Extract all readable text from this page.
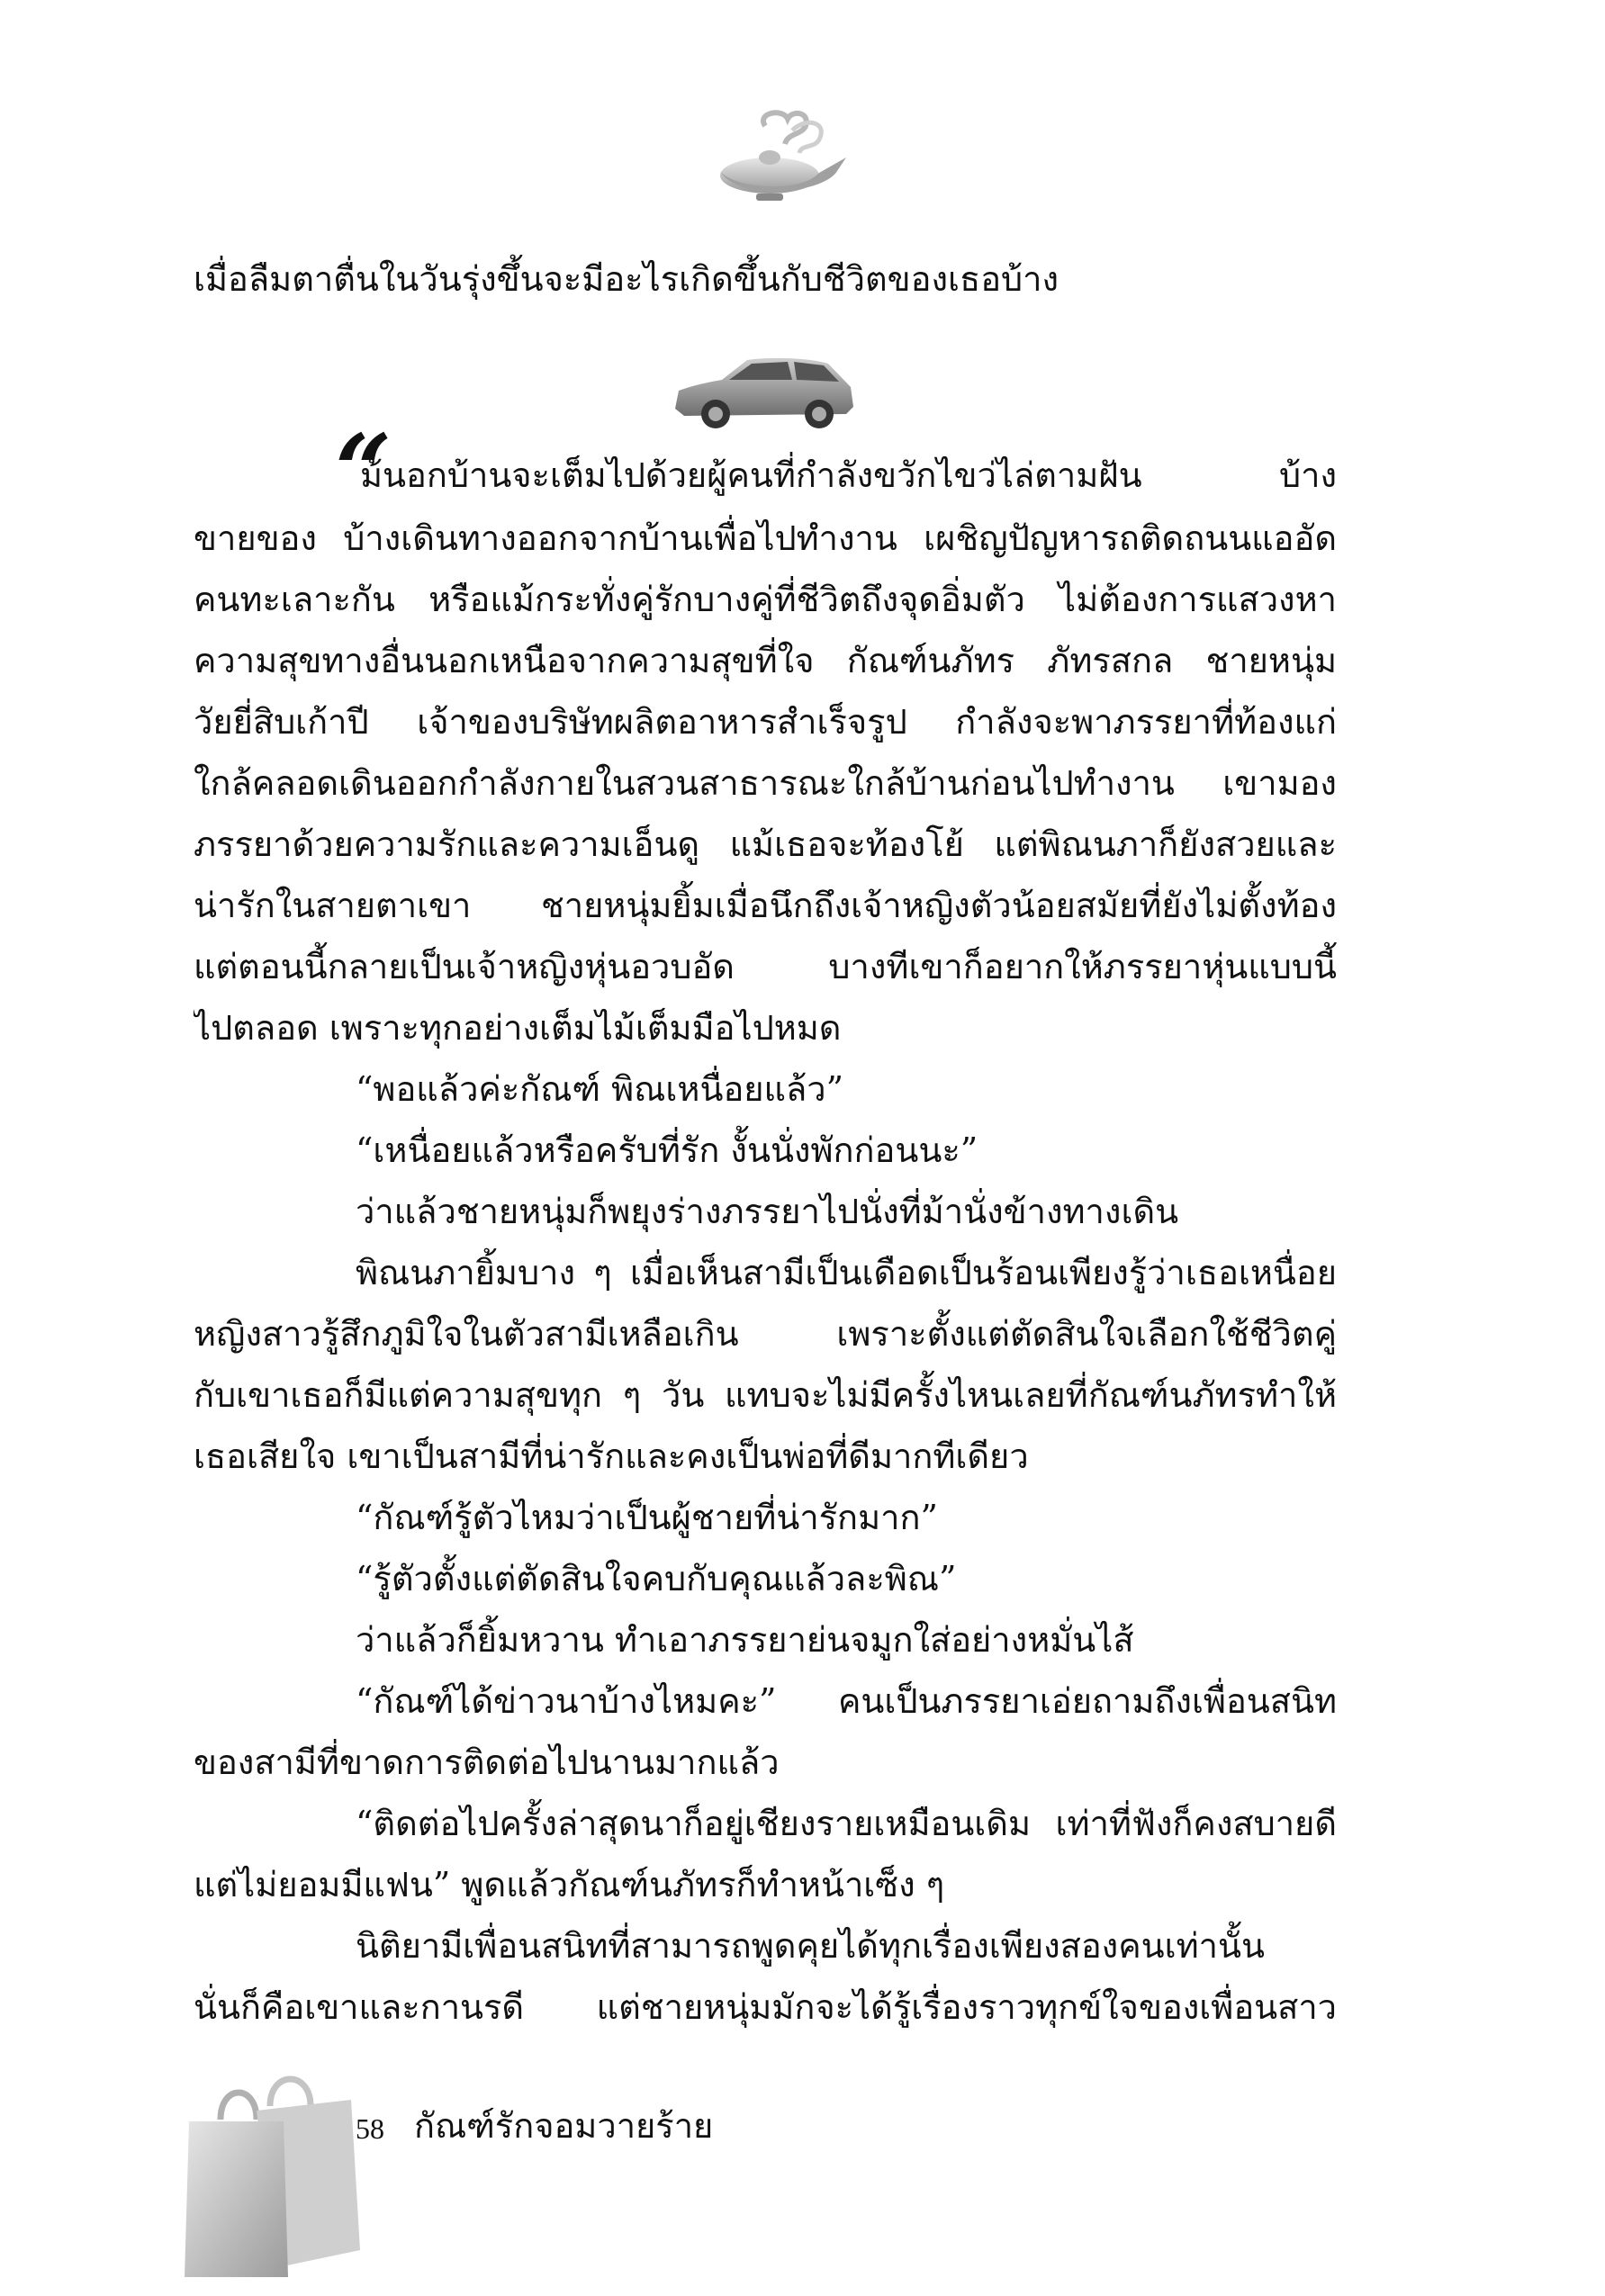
เมื่อลืมตาตื่นในวันรุ่งขึ้นจะมีอะไรเกิดขึ้นกับชีวิตของเธอบ้าง

“

ม้นอกบ้านจะเต็มไปด้วยผู้คนที่กำลังขวักไขว่ไล่ตามฝัน บ้าง

ขายของ บ้างเดินทางออกจากบ้านเพื่อไปทำงาน เผชิญปัญหารถติดถนนแออัด

คนทะเลาะกัน หรือแม้กระทั่งคู่รักบางคู่ที่ชีวิตถึงจุดอิ่มตัว ไม่ต้องการแสวงหา

ความสุขทางอื่นนอกเหนือจากความสุขที่ใจ กัณฑ์นภัทร ภัทรสกล ชายหนุ่ม

วัยยี่สิบเก้าปี เจ้าของบริษัทผลิตอาหารสำเร็จรูป กำลังจะพาภรรยาที่ท้องแก่

ใกล้คลอดเดินออกกำลังกายในสวนสาธารณะใกล้บ้านก่อนไปทำงาน เขามอง

ภรรยาด้วยความรักและความเอ็นดู แม้เธอจะท้องโย้ แต่พิณนภาก็ยังสวยและ

น่ารักในสายตาเขา ชายหนุ่มยิ้มเมื่อนึกถึงเจ้าหญิงตัวน้อยสมัยที่ยังไม่ตั้งท้อง

แต่ตอนนี้กลายเป็นเจ้าหญิงหุ่นอวบอัด บางทีเขาก็อยากให้ภรรยาหุ่นแบบนี้

ไปตลอด เพราะทุกอย่างเต็มไม้เต็มมือไปหมด

“พอแล้วค่ะกัณฑ์ พิณเหนื่อยแล้ว”

“เหนื่อยแล้วหรือครับที่รัก งั้นนั่งพักก่อนนะ”

ว่าแล้วชายหนุ่มก็พยุงร่างภรรยาไปนั่งที่ม้านั่งข้างทางเดิน

พิณนภายิ้มบาง ๆ เมื่อเห็นสามีเป็นเดือดเป็นร้อนเพียงรู้ว่าเธอเหนื่อย

หญิงสาวรู้สึกภูมิใจในตัวสามีเหลือเกิน เพราะตั้งแต่ตัดสินใจเลือกใช้ชีวิตคู่

กับเขาเธอก็มีแต่ความสุขทุก ๆ วัน แทบจะไม่มีครั้งไหนเลยที่กัณฑ์นภัทรทำให้

เธอเสียใจ เขาเป็นสามีที่น่ารักและคงเป็นพ่อที่ดีมากทีเดียว

“กัณฑ์รู้ตัวไหมว่าเป็นผู้ชายที่น่ารักมาก”

“รู้ตัวตั้งแต่ตัดสินใจคบกับคุณแล้วละพิณ”

ว่าแล้วก็ยิ้มหวาน ทำเอาภรรยาย่นจมูกใส่อย่างหมั่นไส้

“กัณฑ์ได้ข่าวนาบ้างไหมคะ” คนเป็นภรรยาเอ่ยถามถึงเพื่อนสนิท

ของสามีที่ขาดการติดต่อไปนานมากแล้ว

“ติดต่อไปครั้งล่าสุดนาก็อยู่เชียงรายเหมือนเดิม เท่าที่ฟังก็คงสบายดี

แต่ไม่ยอมมีแฟน” พูดแล้วกัณฑ์นภัทรก็ทำหน้าเซ็ง ๆ

นิติยามีเพื่อนสนิทที่สามารถพูดคุยได้ทุกเรื่องเพียงสองคนเท่านั้น

นั่นก็คือเขาและกานรดี แต่ชายหนุ่มมักจะได้รู้เรื่องราวทุกข์ใจของเพื่อนสาว

58 กัณฑ์รักจอมวายร้าย
